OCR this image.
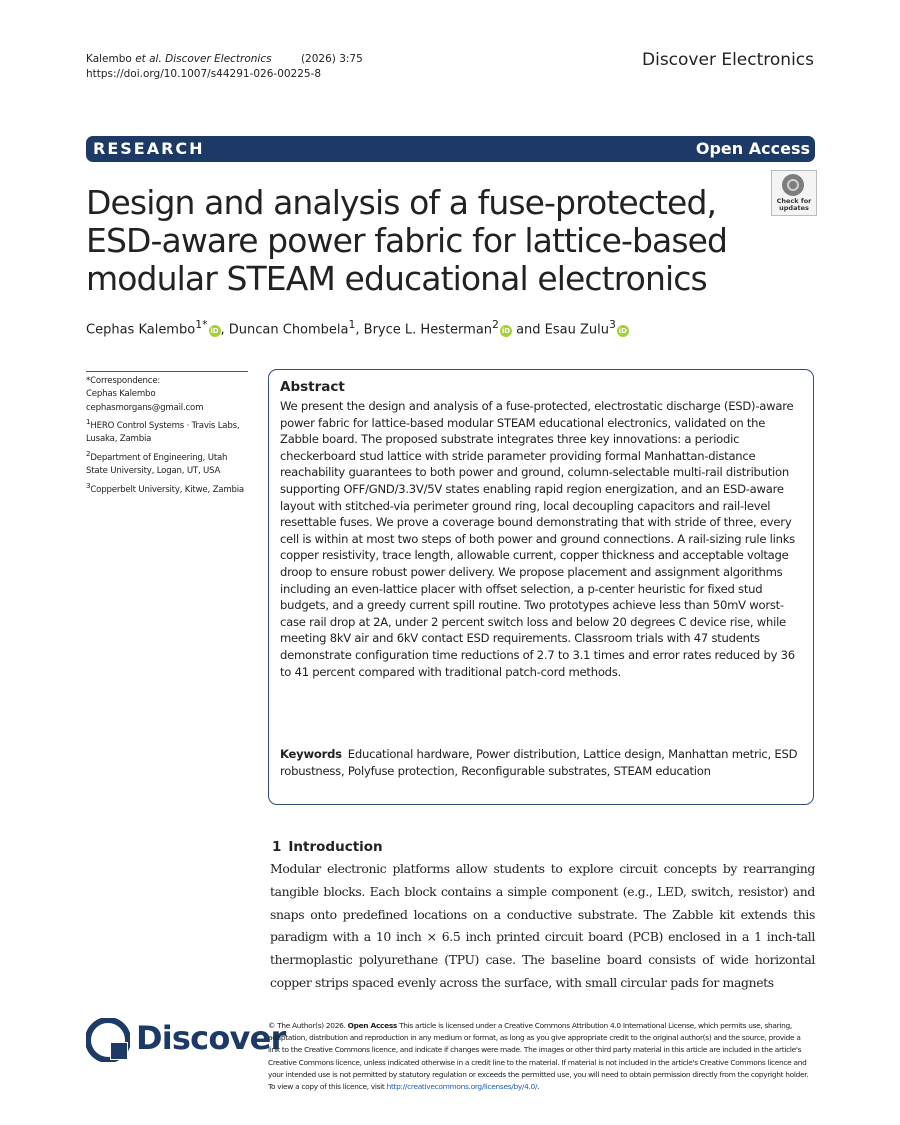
Kalembo et al. Discover Electronics	(2026) 3:75
https://doi.org/10.1007/s44291-026-00225-8
Discover Electronics
RESEARCH	Open Access
Design and analysis of a fuse-protected, ESD-aware power fabric for lattice-based modular STEAM educational electronics
Check for
updates
Cephas Kalembo$^{1*}$iD , Duncan Chombela$^1$, Bryce L. Hesterman$^2$iD and Esau Zulu$^3$iD
*Correspondence:
Cephas Kalembo
cephasmorgans@gmail.com
$^1$HERO Control Systems · Travis Labs, Lusaka, Zambia
$^2$Department of Engineering, Utah State University, Logan, UT, USA
$^3$Copperbelt University, Kitwe, Zambia
Abstract
We present the design and analysis of a fuse-protected, electrostatic discharge (ESD)-aware power fabric for lattice-based modular STEAM educational electronics, validated on the Zabble board. The proposed substrate integrates three key innovations: a periodic checkerboard stud lattice with stride parameter providing formal Manhattan-distance reachability guarantees to both power and ground, column-selectable multi-rail distribution supporting OFF/GND/3.3V/5V states enabling rapid region energization, and an ESD-aware layout with stitched-via perimeter ground ring, local decoupling capacitors and rail-level resettable fuses. We prove a coverage bound demonstrating that with stride of three, every cell is within at most two steps of both power and ground connections. A rail-sizing rule links copper resistivity, trace length, allowable current, copper thickness and acceptable voltage droop to ensure robust power delivery. We propose placement and assignment algorithms including an even-lattice placer with offset selection, a p-center heuristic for fixed stud budgets, and a greedy current spill routine. Two prototypes achieve less than 50mV worst-case rail drop at 2A, under 2 percent switch loss and below 20 degrees C device rise, while meeting 8kV air and 6kV contact ESD requirements. Classroom trials with 47 students demonstrate configuration time reductions of 2.7 to 3.1 times and error rates reduced by 36 to 41 percent compared with traditional patch-cord methods.
Keywords Educational hardware, Power distribution, Lattice design, Manhattan metric, ESD robustness, Polyfuse protection, Reconfigurable substrates, STEAM education
1 Introduction
Modular electronic platforms allow students to explore circuit concepts by rearranging tangible blocks. Each block contains a simple component (e.g., LED, switch, resistor) and snaps onto predefined locations on a conductive substrate. The Zabble kit extends this paradigm with a 10 inch × 6.5 inch printed circuit board (PCB) enclosed in a 1 inch-tall thermoplastic polyurethane (TPU) case. The baseline board consists of wide horizontal copper strips spaced evenly across the surface, with small circular pads for magnets
Discover
© The Author(s) 2026. Open Access This article is licensed under a Creative Commons Attribution 4.0 International License, which permits use, sharing, adaptation, distribution and reproduction in any medium or format, as long as you give appropriate credit to the original author(s) and the source, provide a link to the Creative Commons licence, and indicate if changes were made. The images or other third party material in this article are included in the article's Creative Commons licence, unless indicated otherwise in a credit line to the material. If material is not included in the article's Creative Commons licence and your intended use is not permitted by statutory regulation or exceeds the permitted use, you will need to obtain permission directly from the copyright holder. To view a copy of this licence, visit http://creativecommons.org/licenses/by/4.0/.
